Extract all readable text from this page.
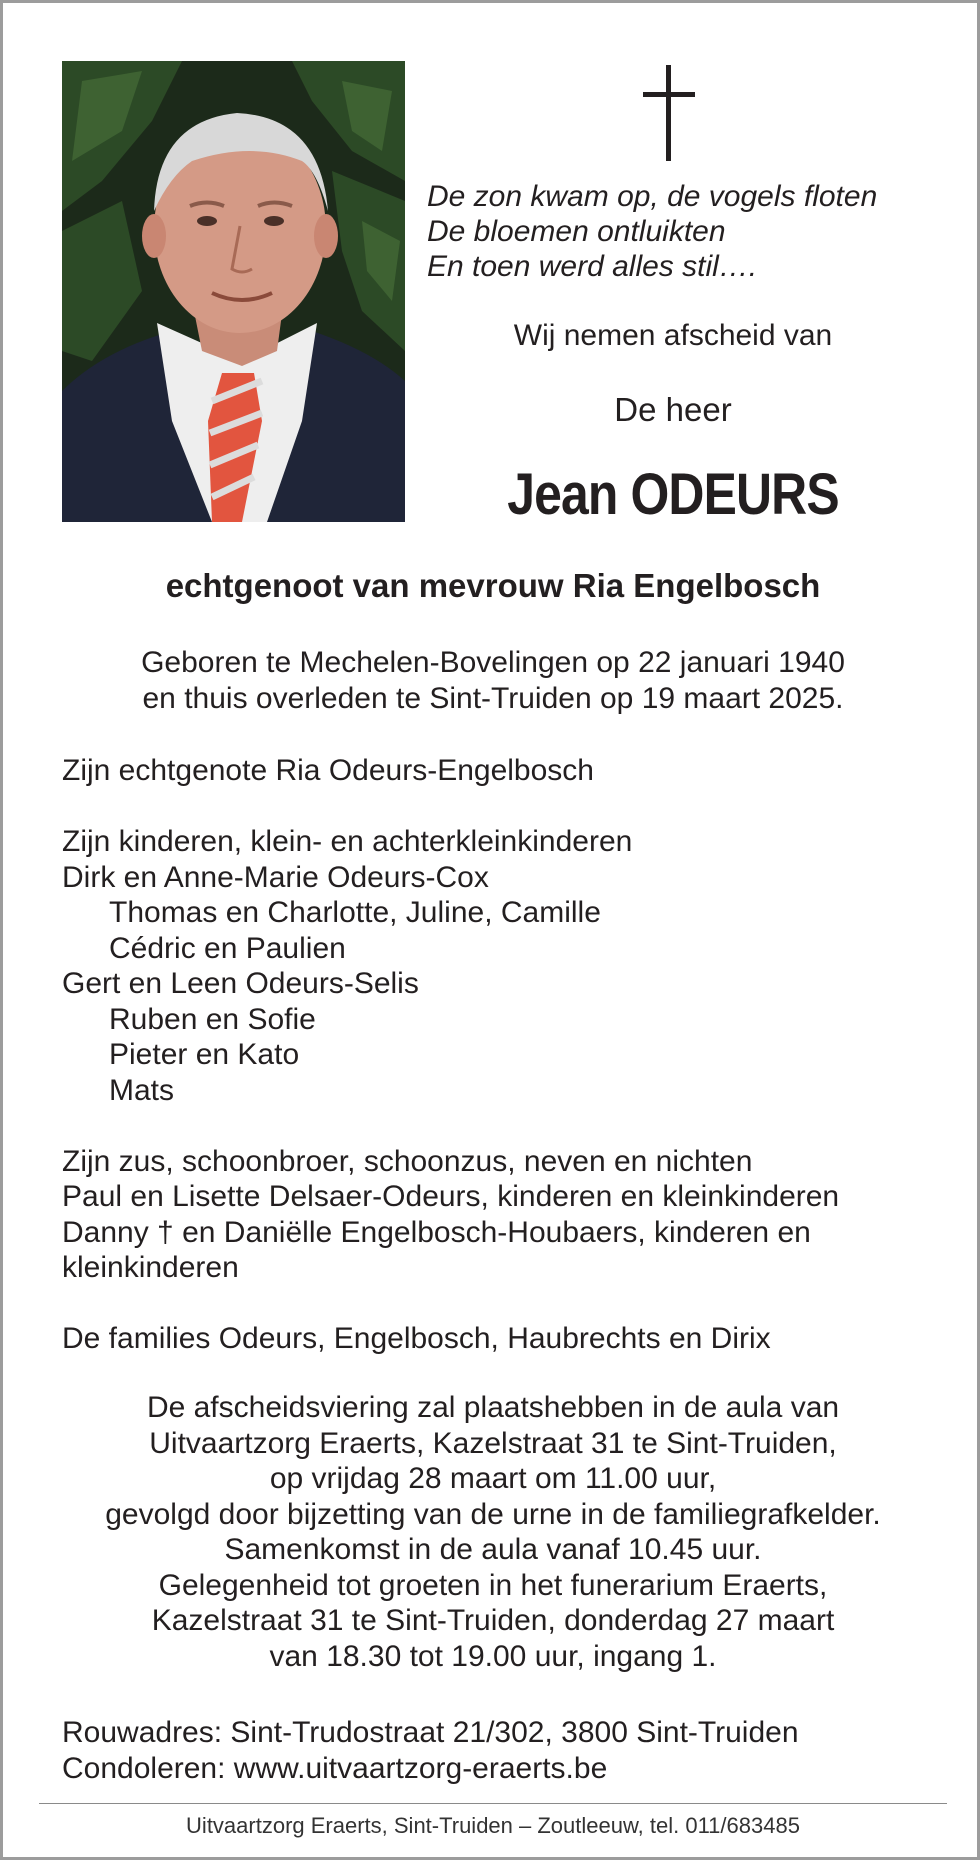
De zon kwam op, de vogels floten
De bloemen ontluikten
En toen werd alles stil….
Wij nemen afscheid van
De heer
Jean ODEURS
echtgenoot van mevrouw Ria Engelbosch
Geboren te Mechelen-Bovelingen op 22 januari 1940
en thuis overleden te Sint-Truiden op 19 maart 2025.
Zijn echtgenote Ria Odeurs-Engelbosch
Zijn kinderen, klein- en achterkleinkinderen
Dirk en Anne-Marie Odeurs-Cox
Thomas en Charlotte, Juline, Camille
Cédric en Paulien
Gert en Leen Odeurs-Selis
Ruben en Sofie
Pieter en Kato
Mats
Zijn zus, schoonbroer, schoonzus, neven en nichten
Paul en Lisette Delsaer-Odeurs, kinderen en kleinkinderen
Danny † en Daniëlle Engelbosch-Houbaers, kinderen en
kleinkinderen
De families Odeurs, Engelbosch, Haubrechts en Dirix
De afscheidsviering zal plaatshebben in de aula van
Uitvaartzorg Eraerts, Kazelstraat 31 te Sint-Truiden,
op vrijdag 28 maart om 11.00 uur,
gevolgd door bijzetting van de urne in de familiegrafkelder.
Samenkomst in de aula vanaf 10.45 uur.
Gelegenheid tot groeten in het funerarium Eraerts,
Kazelstraat 31 te Sint-Truiden, donderdag 27 maart
van 18.30 tot 19.00 uur, ingang 1.
Rouwadres: Sint-Trudostraat 21/302, 3800 Sint-Truiden
Condoleren: www.uitvaartzorg-eraerts.be
Uitvaartzorg Eraerts, Sint-Truiden – Zoutleeuw, tel. 011/683485
